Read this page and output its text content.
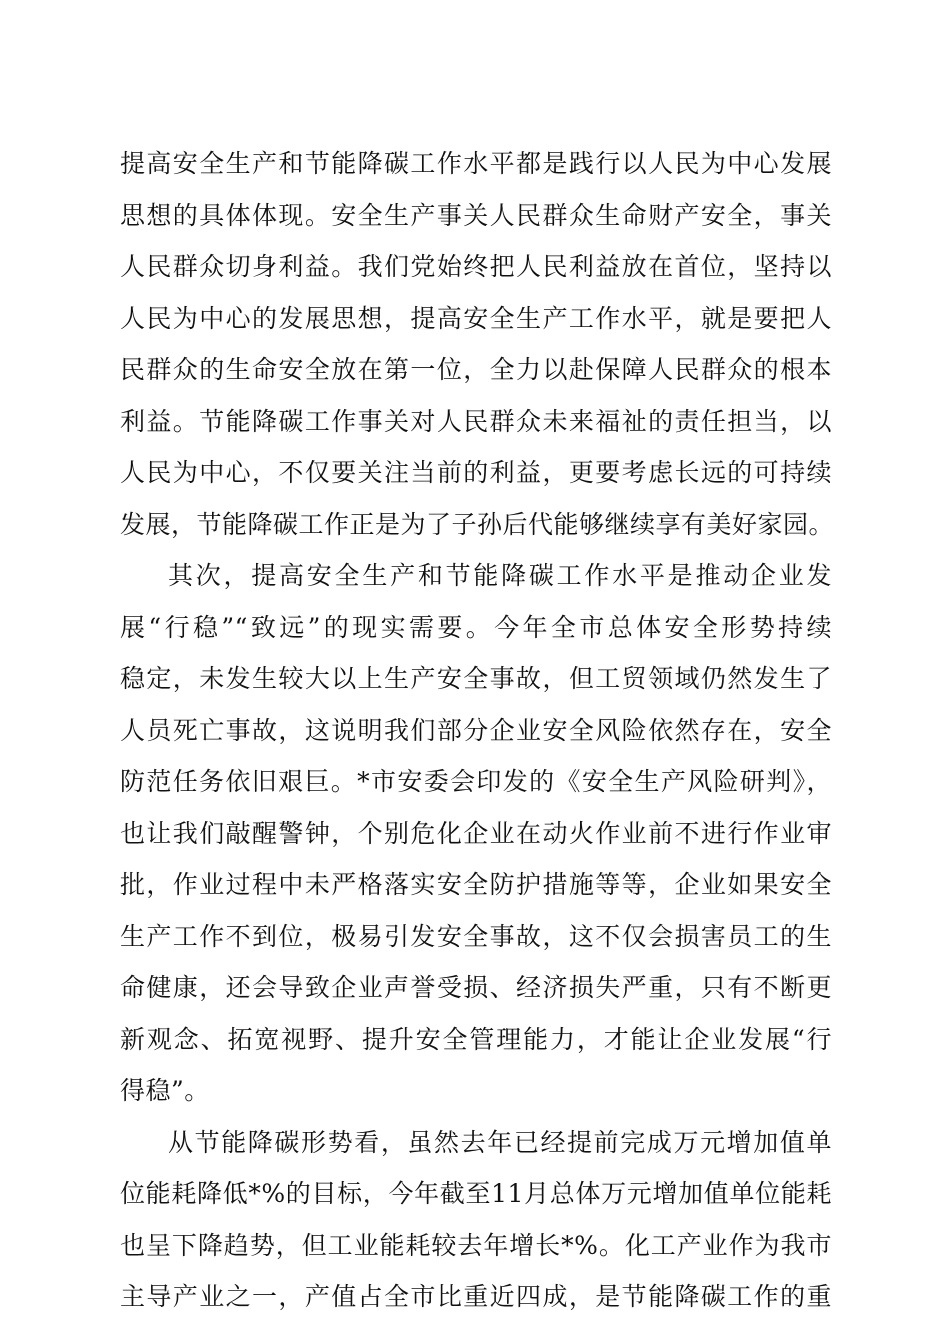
提高安全生产和节能降碳工作水平都是践行以人民为中心发展
思想的具体体现。安全生产事关人民群众生命财产安全，事关
人民群众切身利益。我们党始终把人民利益放在首位，坚持以
人民为中心的发展思想，提高安全生产工作水平，就是要把人
民群众的生命安全放在第一位，全力以赴保障人民群众的根本
利益。节能降碳工作事关对人民群众未来福祉的责任担当，以
人民为中心，不仅要关注当前的利益，更要考虑长远的可持续
发展，节能降碳工作正是为了子孙后代能够继续享有美好家园。
其次，提高安全生产和节能降碳工作水平是推动企业发
展“行稳”“致远”的现实需要。今年全市总体安全形势持续
稳定，未发生较大以上生产安全事故，但工贸领域仍然发生了
人员死亡事故，这说明我们部分企业安全风险依然存在，安全
防范任务依旧艰巨。*市安委会印发的《安全生产风险研判》，
也让我们敲醒警钟，个别危化企业在动火作业前不进行作业审
批，作业过程中未严格落实安全防护措施等等，企业如果安全
生产工作不到位，极易引发安全事故，这不仅会损害员工的生
命健康，还会导致企业声誉受损、经济损失严重，只有不断更
新观念、拓宽视野、提升安全管理能力，才能让企业发展“行
得稳”。
从节能降碳形势看，虽然去年已经提前完成万元增加值单
位能耗降低*%的目标，今年截至11月总体万元增加值单位能耗
也呈下降趋势，但工业能耗较去年增长*%。化工产业作为我市
主导产业之一，产值占全市比重近四成，是节能降碳工作的重
